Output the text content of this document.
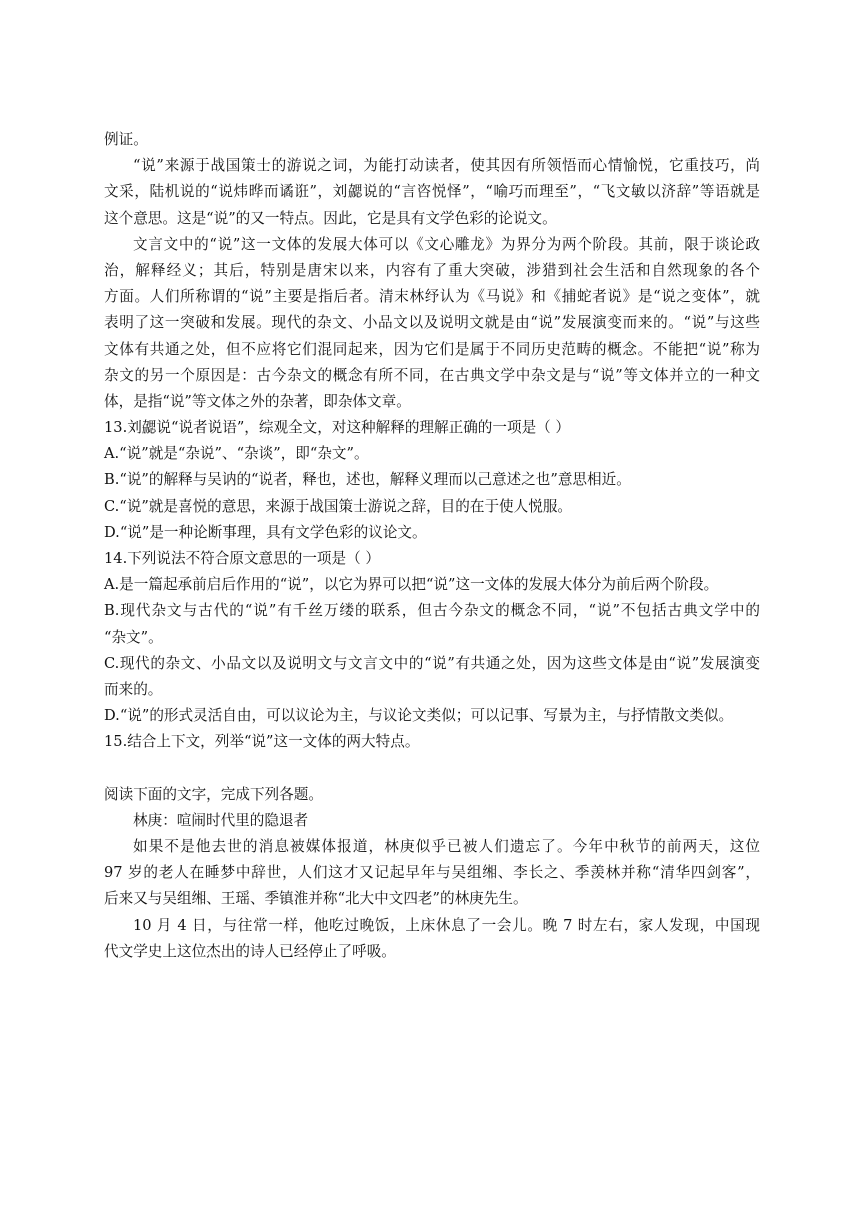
例证。
“说”来源于战国策士的游说之词，为能打动读者，使其因有所领悟而心情愉悦，它重技巧，尚
文采，陆机说的“说炜晔而谲诳”，刘勰说的“言咨悦怿”，“喻巧而理至”，“飞文敏以济辞”等语就是
这个意思。这是“说”的又一特点。因此，它是具有文学色彩的论说文。
文言文中的“说”这一文体的发展大体可以《文心雕龙》为界分为两个阶段。其前，限于谈论政
治，解释经义；其后，特别是唐宋以来，内容有了重大突破，涉猎到社会生活和自然现象的各个
方面。人们所称谓的“说”主要是指后者。清末林纾认为《马说》和《捕蛇者说》是“说之变体”，就
表明了这一突破和发展。现代的杂文、小品文以及说明文就是由“说”发展演变而来的。“说”与这些
文体有共通之处，但不应将它们混同起来，因为它们是属于不同历史范畴的概念。不能把“说”称为
杂文的另一个原因是：古今杂文的概念有所不同，在古典文学中杂文是与“说”等文体并立的一种文
体，是指“说”等文体之外的杂著，即杂体文章。
13.刘勰说“说者说语”，综观全文，对这种解释的理解正确的一项是（ ）
A.“说”就是“杂说”、“杂谈”，即“杂文”。
B.“说”的解释与吴讷的“说者，释也，述也，解释义理而以己意述之也”意思相近。
C.“说”就是喜悦的意思，来源于战国策士游说之辞，目的在于使人悦服。
D.“说”是一种论断事理，具有文学色彩的议论文。
14.下列说法不符合原文意思的一项是（ ）
A.是一篇起承前启后作用的“说”，以它为界可以把“说”这一文体的发展大体分为前后两个阶段。
B.现代杂文与古代的“说”有千丝万缕的联系，但古今杂文的概念不同，“说”不包括古典文学中的
“杂文”。
C.现代的杂文、小品文以及说明文与文言文中的“说”有共通之处，因为这些文体是由“说”发展演变
而来的。
D.“说”的形式灵活自由，可以议论为主，与议论文类似；可以记事、写景为主，与抒情散文类似。
15.结合上下文，列举“说”这一文体的两大特点。
阅读下面的文字，完成下列各题。
林庚：喧闹时代里的隐退者
如果不是他去世的消息被媒体报道，林庚似乎已被人们遗忘了。今年中秋节的前两天，这位
97 岁的老人在睡梦中辞世，人们这才又记起早年与吴组缃、李长之、季羡林并称“清华四剑客”，
后来又与吴组缃、王瑶、季镇淮并称“北大中文四老”的林庚先生。
10 月 4 日，与往常一样，他吃过晚饭，上床休息了一会儿。晚 7 时左右，家人发现，中国现
代文学史上这位杰出的诗人已经停止了呼吸。
